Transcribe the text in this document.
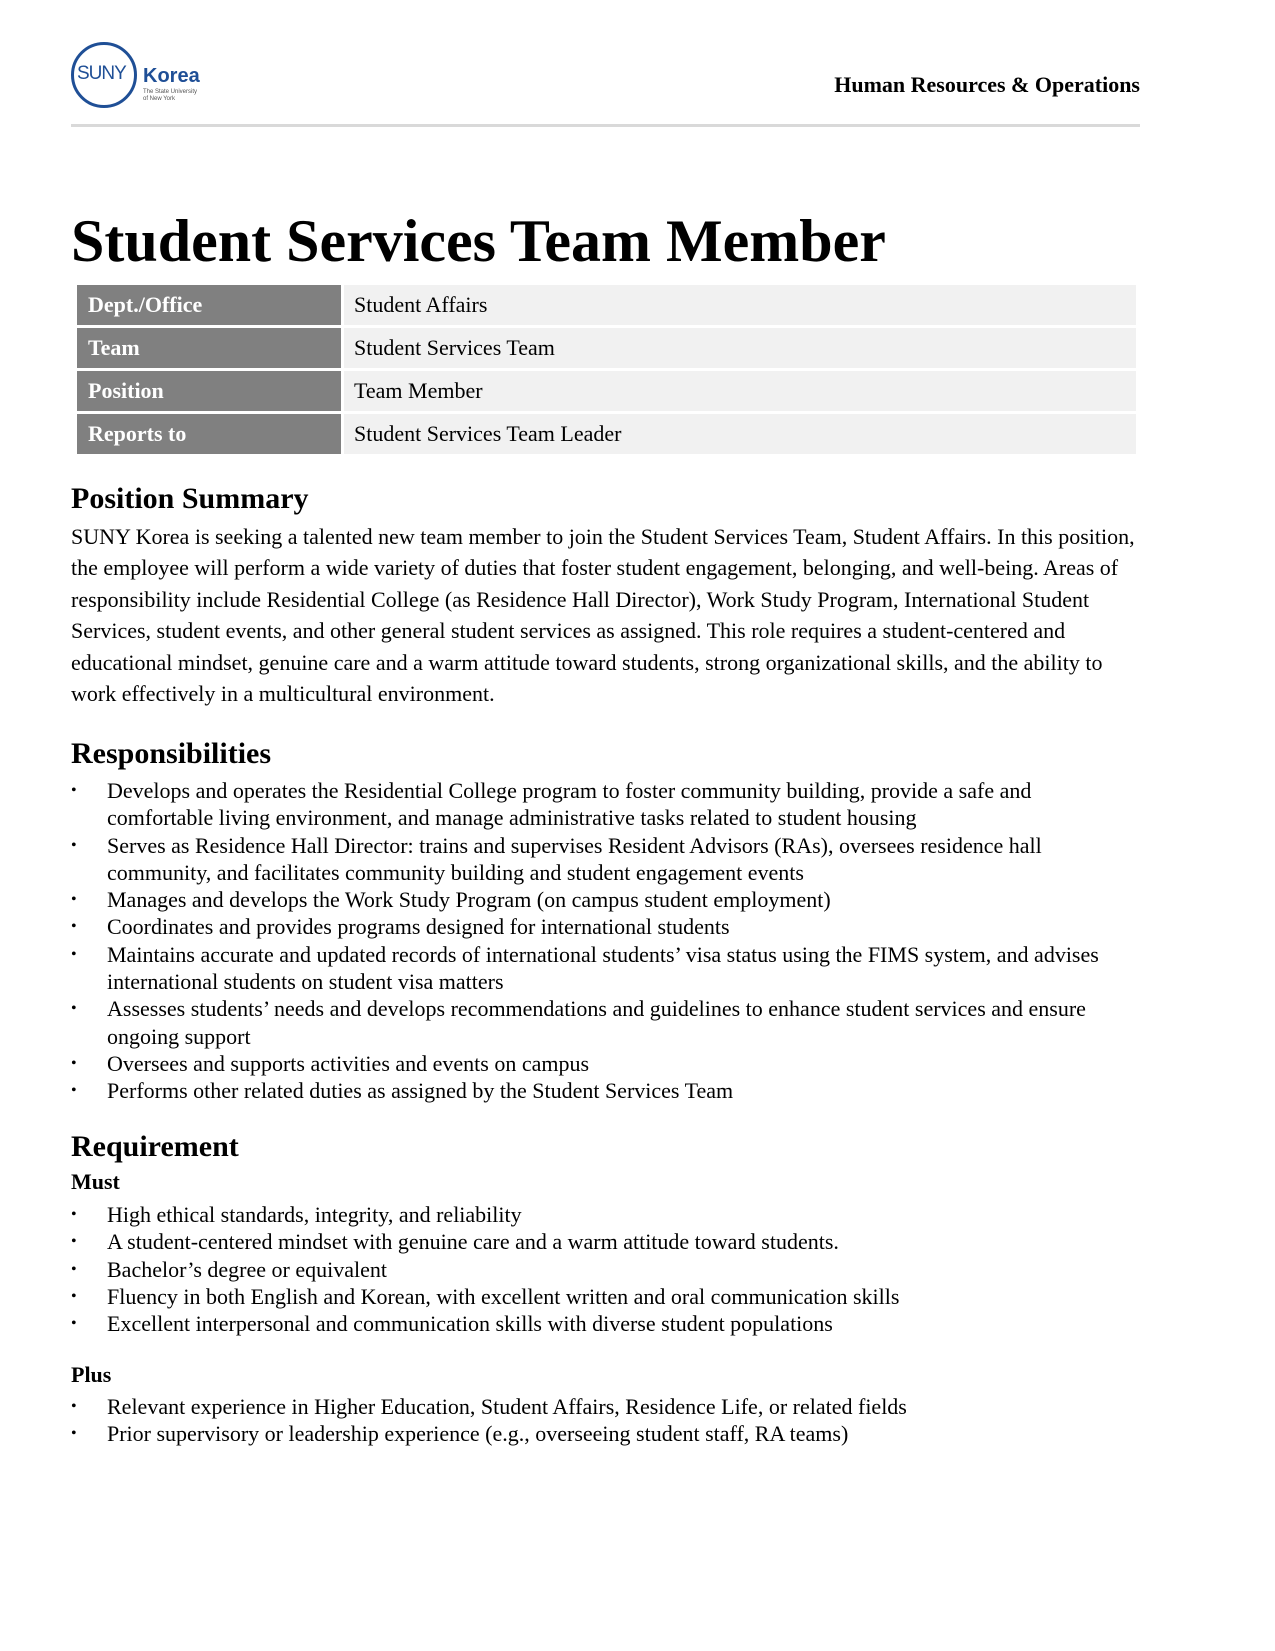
SUNY Korea
The State University
of New York
Human Resources & Operations
Student Services Team Member
Dept./Office	Student Affairs
Team	Student Services Team
Position	Team Member
Reports to	Student Services Team Leader
Position Summary

SUNY Korea is seeking a talented new team member to join the Student Services Team, Student Affairs. In this position, the employee will perform a wide variety of duties that foster student engagement, belonging, and well-being. Areas of responsibility include Residential College (as Residence Hall Director), Work Study Program, International Student Services, student events, and other general student services as assigned. This role requires a student-centered and educational mindset, genuine care and a warm attitude toward students, strong organizational skills, and the ability to work effectively in a multicultural environment.

Responsibilities
•	Develops and operates the Residential College program to foster community building, provide a safe and comfortable living environment, and manage administrative tasks related to student housing
•	Serves as Residence Hall Director: trains and supervises Resident Advisors (RAs), oversees residence hall community, and facilitates community building and student engagement events
•	Manages and develops the Work Study Program (on campus student employment)
•	Coordinates and provides programs designed for international students
•	Maintains accurate and updated records of international students’ visa status using the FIMS system, and advises international students on student visa matters
•	Assesses students’ needs and develops recommendations and guidelines to enhance student services and ensure ongoing support
•	Oversees and supports activities and events on campus
•	Performs other related duties as assigned by the Student Services Team
Requirement
Must
•	High ethical standards, integrity, and reliability
•	A student-centered mindset with genuine care and a warm attitude toward students.
•	Bachelor’s degree or equivalent
•	Fluency in both English and Korean, with excellent written and oral communication skills
•	Excellent interpersonal and communication skills with diverse student populations
Plus
•	Relevant experience in Higher Education, Student Affairs, Residence Life, or related fields
•	Prior supervisory or leadership experience (e.g., overseeing student staff, RA teams)
